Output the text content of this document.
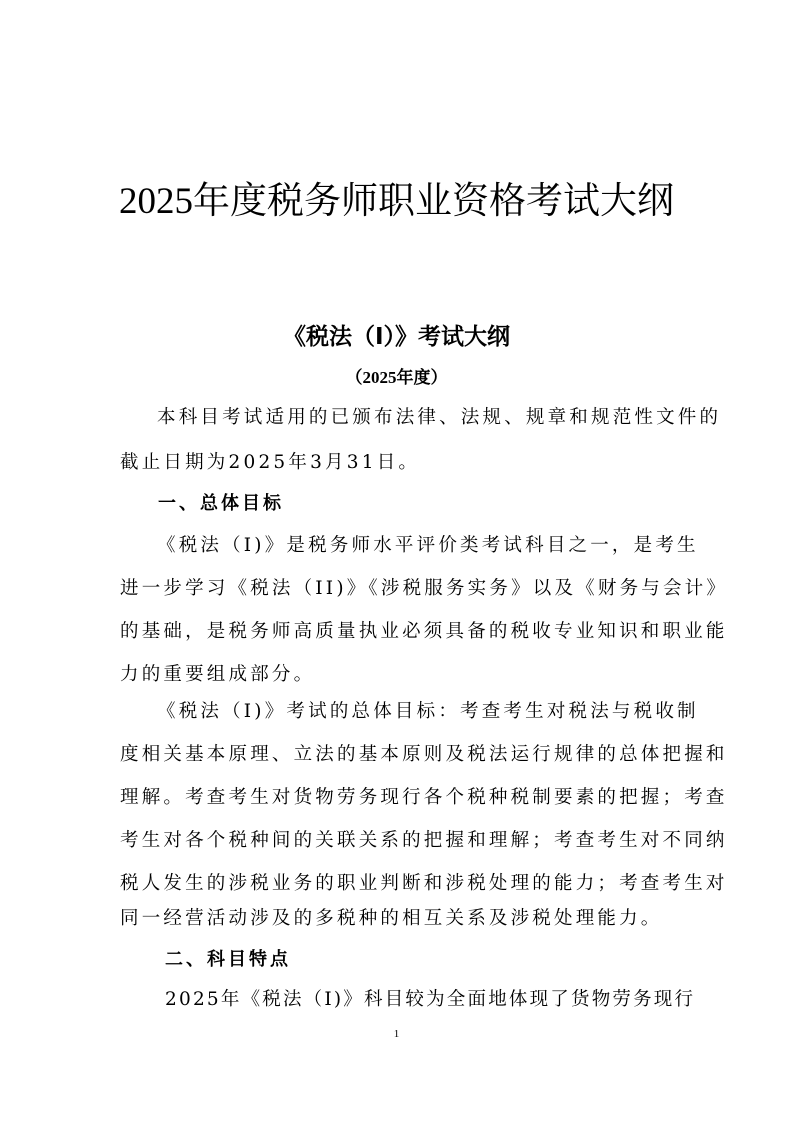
2025年度税务师职业资格考试大纲
《税法（Ⅰ）》考试大纲
（2025年度）
本科目考试适用的已颁布法律、法规、规章和规范性文件的
截止日期为2025年3月31日。
一、总体目标
《税法（Ⅰ)》是税务师水平评价类考试科目之一，是考生
进一步学习《税法（II)》《涉税服务实务》以及《财务与会计》
的基础，是税务师高质量执业必须具备的税收专业知识和职业能
力的重要组成部分。
《税法（Ⅰ)》考试的总体目标：考查考生对税法与税收制
度相关基本原理、立法的基本原则及税法运行规律的总体把握和
理解。考查考生对货物劳务现行各个税种税制要素的把握；考查
考生对各个税种间的关联关系的把握和理解；考查考生对不同纳
税人发生的涉税业务的职业判断和涉税处理的能力；考查考生对
同一经营活动涉及的多税种的相互关系及涉税处理能力。
二、科目特点
2025年《税法（Ⅰ)》科目较为全面地体现了货物劳务现行
1
